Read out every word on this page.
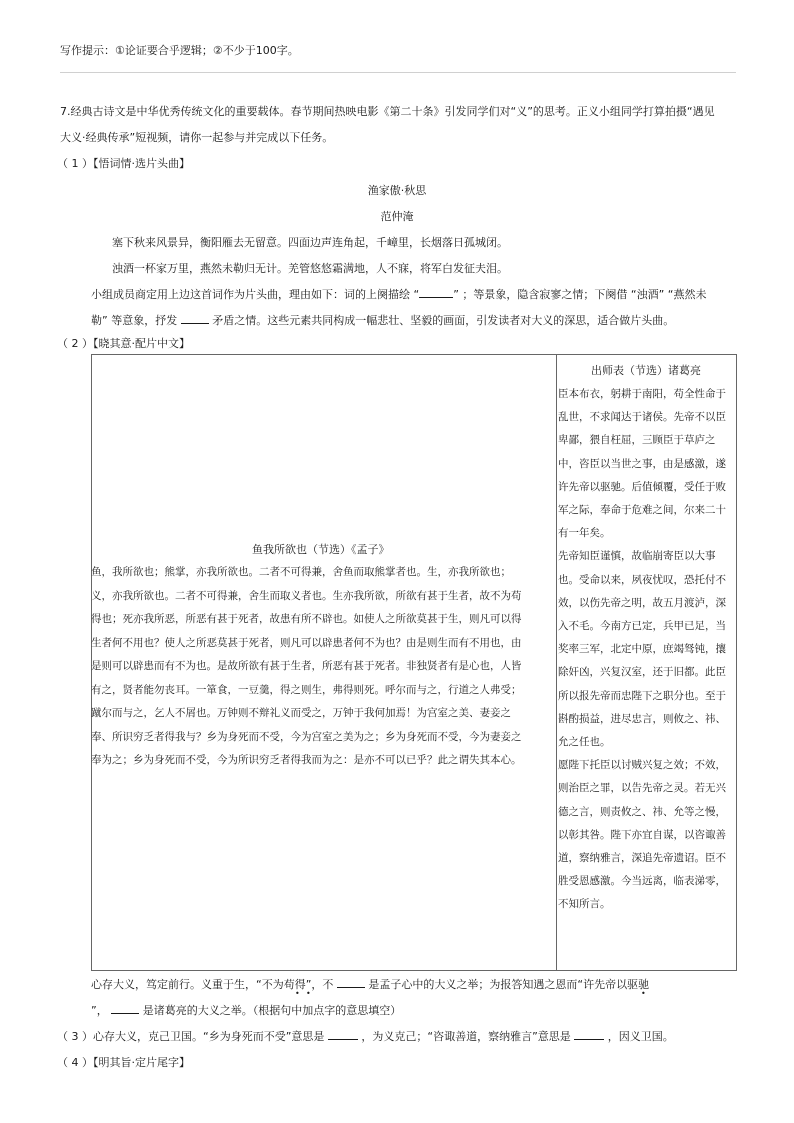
写作提示：①论证要合乎逻辑；②不少于100字。
7.经典古诗文是中华优秀传统文化的重要载体。春节期间热映电影《第二十条》引发同学们对“义”的思考。正义小组同学打算拍摄“遇见
大义·经典传承”短视频，请你一起参与并完成以下任务。
（ 1 ）【悟词情·选片头曲】
渔家傲·秋思
范仲淹
塞下秋来风景异，衡阳雁去无留意。四面边声连角起，千嶂里，长烟落日孤城闭。
浊酒一杯家万里，燕然未勒归无计。羌管悠悠霜满地，人不寐，将军白发征夫泪。
小组成员商定用上边这首词作为片头曲，理由如下：词的上阕描绘 “	” ；等景象，隐含寂寥之情；下阕借 “浊酒” “燕然未
勒” 等意象，抒发	矛盾之情。这些元素共同构成一幅悲壮、坚毅的画面，引发读者对大义的深思，适合做片头曲。
（ 2 ）【晓其意·配片中文】
鱼我所欲也（节选）《孟子》
鱼，我所欲也；熊掌，亦我所欲也。二者不可得兼，舍鱼而取熊掌者也。生，亦我所欲也；
义，亦我所欲也。二者不可得兼，舍生而取义者也。生亦我所欲，所欲有甚于生者，故不为苟
得也；死亦我所恶，所恶有甚于死者，故患有所不辟也。如使人之所欲莫甚于生，则凡可以得
生者何不用也？使人之所恶莫甚于死者，则凡可以辟患者何不为也？由是则生而有不用也，由
是则可以辟患而有不为也。是故所欲有甚于生者，所恶有甚于死者。非独贤者有是心也，人皆
有之，贤者能勿丧耳。一箪食，一豆羹，得之则生，弗得则死。呼尔而与之，行道之人弗受；
蹴尔而与之，乞人不屑也。万钟则不辩礼义而受之，万钟于我何加焉！为宫室之美、妻妾之
奉、所识穷乏者得我与？乡为身死而不受，今为宫室之美为之；乡为身死而不受，今为妻妾之
奉为之；乡为身死而不受，今为所识穷乏者得我而为之：是亦不可以已乎？此之谓失其本心。
出师表（节选）诸葛亮
臣本布衣，躬耕于南阳，苟全性命于
乱世，不求闻达于诸侯。先帝不以臣
卑鄙，猥自枉屈，三顾臣于草庐之
中，咨臣以当世之事，由是感激，遂
许先帝以驱驰。后值倾覆，受任于败
军之际，奉命于危难之间，尔来二十
有一年矣。
先帝知臣谨慎，故临崩寄臣以大事
也。受命以来，夙夜忧叹，恐托付不
效，以伤先帝之明，故五月渡泸，深
入不毛。今南方已定，兵甲已足，当
奖率三军，北定中原，庶竭驽钝，攘
除奸凶，兴复汉室，还于旧都。此臣
所以报先帝而忠陛下之职分也。至于
斟酌损益，进尽忠言，则攸之、祎、
允之任也。
愿陛下托臣以讨贼兴复之效；不效，
则治臣之罪，以告先帝之灵。若无兴
德之言，则责攸之、祎、允等之慢，
以彰其咎。陛下亦宜自谋，以咨诹善
道，察纳雅言，深追先帝遗诏。臣不
胜受恩感激。今当远离，临表涕零，
不知所言。
心存大义，笃定前行。义重于生，“不为苟得”，不	是孟子心中的大义之举；为报答知遇之恩而“许先帝以驱驰
• •	•
”，	是诸葛亮的大义之举。（根据句中加点字的意思填空）
（ 3 ）心存大义，克己卫国。“乡为身死而不受”意思是	，为义克己；“咨诹善道，察纳雅言”意思是	，因义卫国。
（ 4 ）【明其旨·定片尾字】
